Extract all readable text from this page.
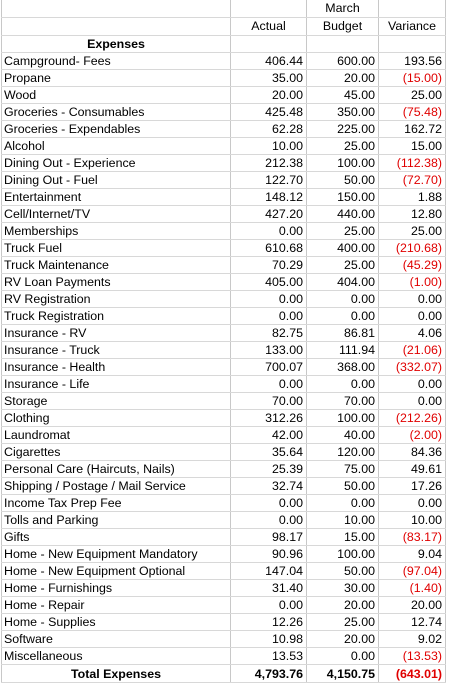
		March	
	Actual	Budget	Variance
Expenses			
Campground- Fees	406.44	600.00	193.56
Propane	35.00	20.00	(15.00)
Wood	20.00	45.00	25.00
Groceries - Consumables	425.48	350.00	(75.48)
Groceries - Expendables	62.28	225.00	162.72
Alcohol	10.00	25.00	15.00
Dining Out - Experience	212.38	100.00	(112.38)
Dining Out - Fuel	122.70	50.00	(72.70)
Entertainment	148.12	150.00	1.88
Cell/Internet/TV	427.20	440.00	12.80
Memberships	0.00	25.00	25.00
Truck Fuel	610.68	400.00	(210.68)
Truck Maintenance	70.29	25.00	(45.29)
RV Loan Payments	405.00	404.00	(1.00)
RV Registration	0.00	0.00	0.00
Truck Registration	0.00	0.00	0.00
Insurance - RV	82.75	86.81	4.06
Insurance - Truck	133.00	111.94	(21.06)
Insurance - Health	700.07	368.00	(332.07)
Insurance - Life	0.00	0.00	0.00
Storage	70.00	70.00	0.00
Clothing	312.26	100.00	(212.26)
Laundromat	42.00	40.00	(2.00)
Cigarettes	35.64	120.00	84.36
Personal Care (Haircuts, Nails)	25.39	75.00	49.61
Shipping / Postage / Mail Service	32.74	50.00	17.26
Income Tax Prep Fee	0.00	0.00	0.00
Tolls and Parking	0.00	10.00	10.00
Gifts	98.17	15.00	(83.17)
Home - New Equipment Mandatory	90.96	100.00	9.04
Home - New Equipment Optional	147.04	50.00	(97.04)
Home - Furnishings	31.40	30.00	(1.40)
Home - Repair	0.00	20.00	20.00
Home - Supplies	12.26	25.00	12.74
Software	10.98	20.00	9.02
Miscellaneous	13.53	0.00	(13.53)
Total Expenses	4,793.76	4,150.75	(643.01)
